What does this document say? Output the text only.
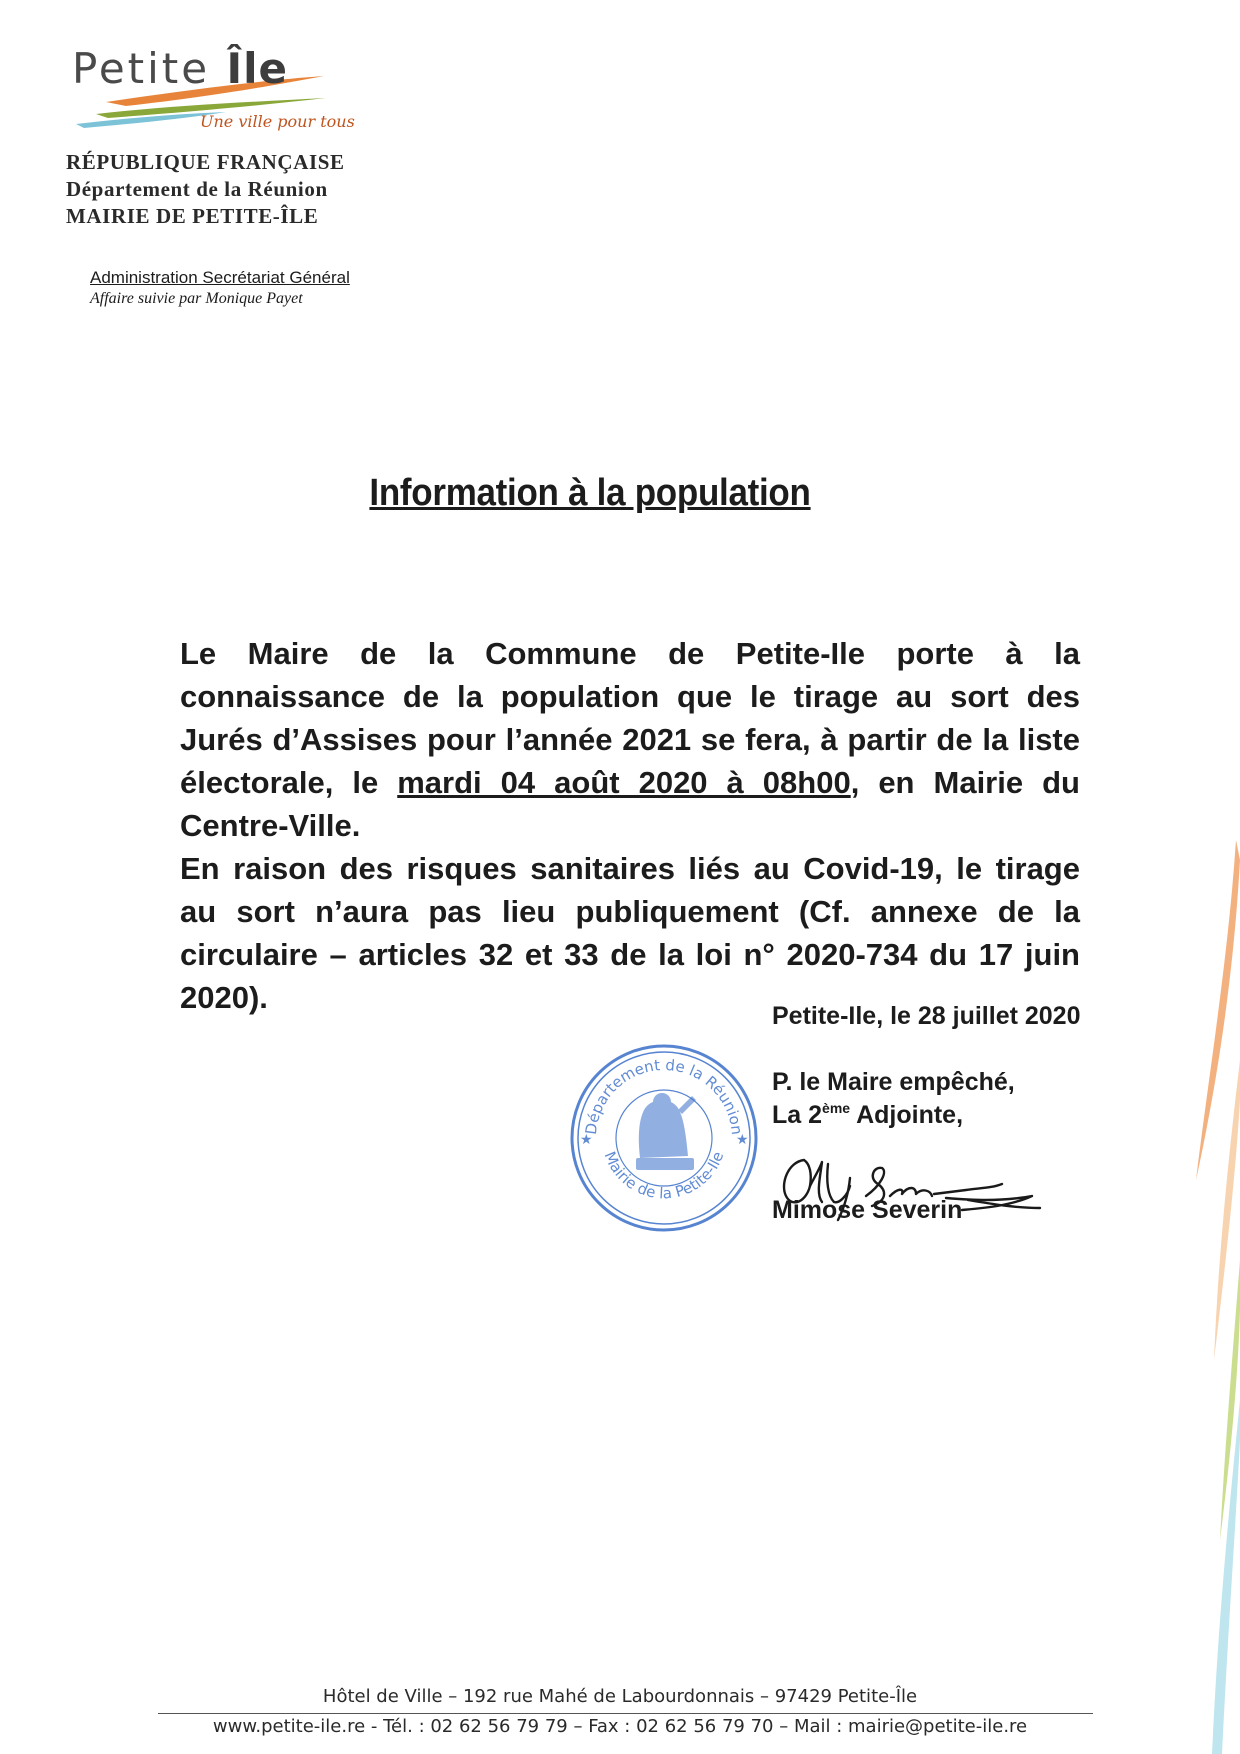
Petite Île
Une ville pour tous
RÉPUBLIQUE FRANÇAISE
Département de la Réunion
MAIRIE DE PETITE-ÎLE
Administration Secrétariat Général
Affaire suivie par Monique Payet
Information à la population

Le Maire de la Commune de Petite-Ile porte à la connaissance de la population que le tirage au sort des Jurés d’Assises pour l’année 2021 se fera, à partir de la liste électorale, le mardi 04 août 2020 à 08h00, en Mairie du Centre-Ville.

En raison des risques sanitaires liés au Covid-19, le tirage au sort n’aura pas lieu publiquement (Cf. annexe de la circulaire – articles 32 et 33 de la loi n° 2020-734 du 17 juin 2020).

Petite-Ile, le 28 juillet 2020
P. le Maire empêché,
La 2ème Adjointe,
Mimose Severin
Département de la Réunion
Mairie de la Petite-Ile
★	★
Hôtel de Ville – 192 rue Mahé de Labourdonnais – 97429 Petite-Île
www.petite-ile.re - Tél. : 02 62 56 79 79 – Fax : 02 62 56 79 70 – Mail : mairie@petite-ile.re
